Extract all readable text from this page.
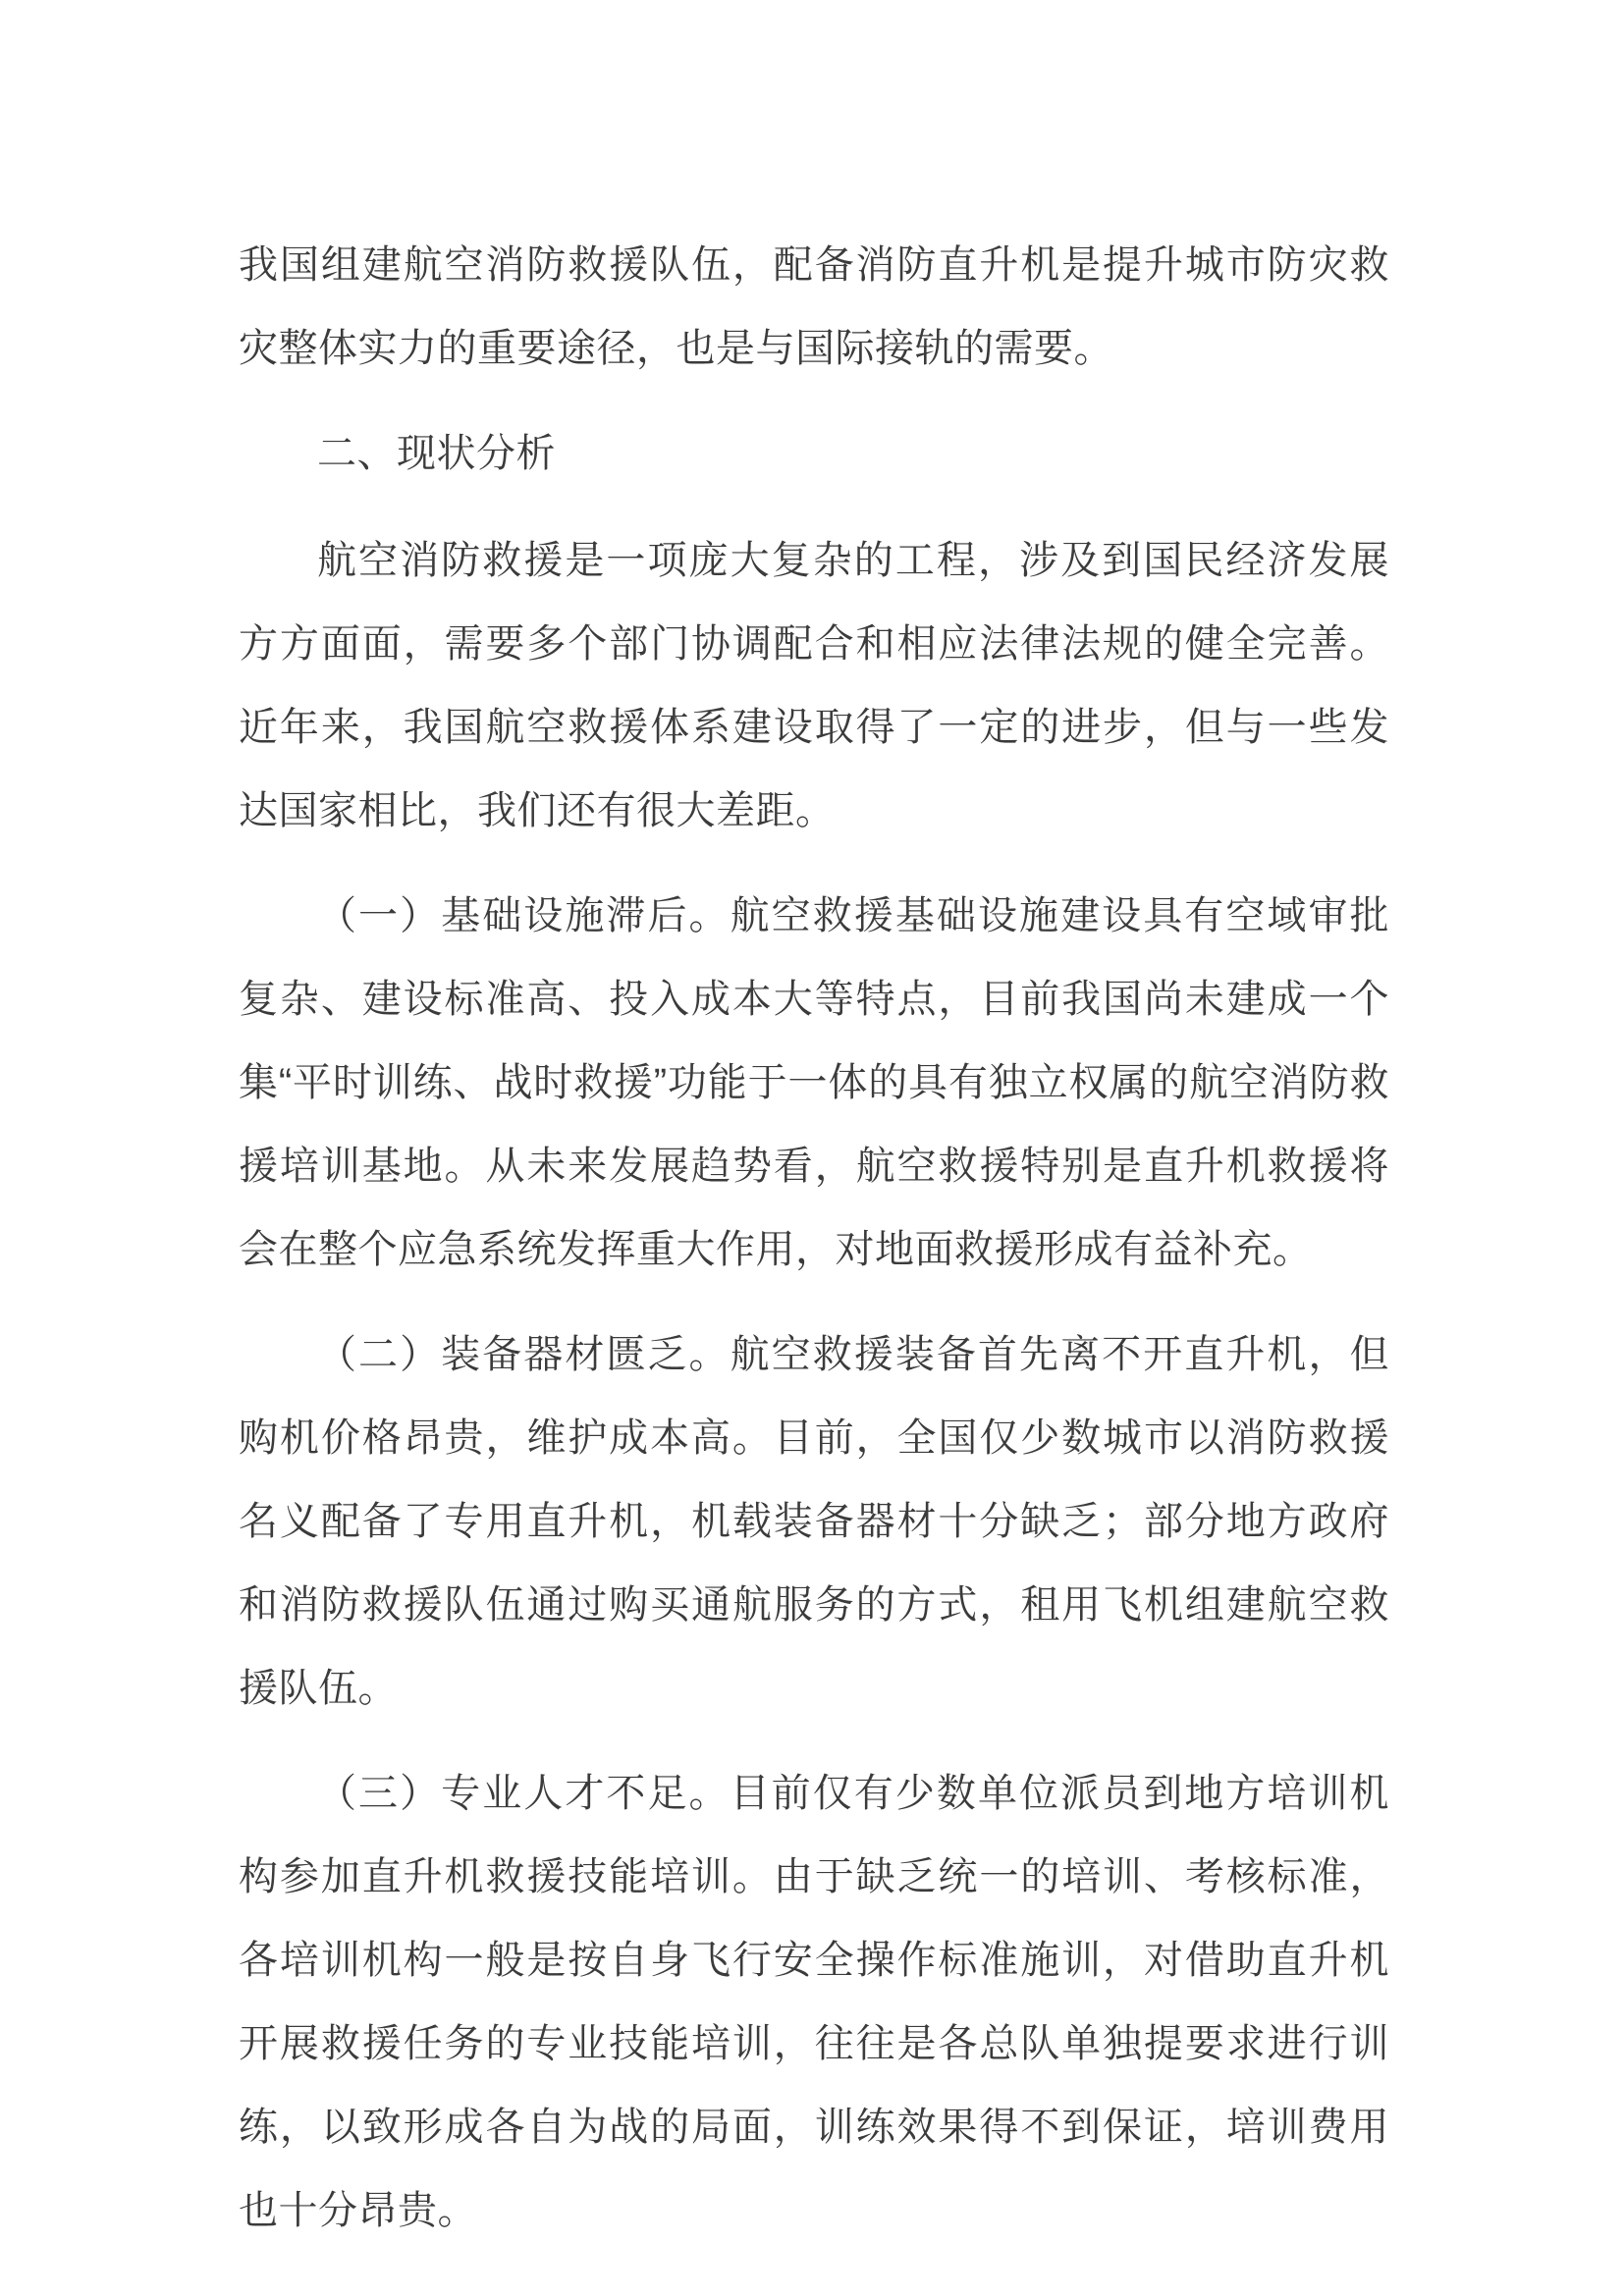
我国组建航空消防救援队伍，配备消防直升机是提升城市防灾救灾整体实力的重要途径，也是与国际接轨的需要。

二、现状分析

航空消防救援是一项庞大复杂的工程，涉及到国民经济发展方方面面，需要多个部门协调配合和相应法律法规的健全完善。近年来，我国航空救援体系建设取得了一定的进步，但与一些发达国家相比，我们还有很大差距。

（一）基础设施滞后。航空救援基础设施建设具有空域审批复杂、建设标准高、投入成本大等特点，目前我国尚未建成一个集“平时训练、战时救援”功能于一体的具有独立权属的航空消防救援培训基地。从未来发展趋势看，航空救援特别是直升机救援将会在整个应急系统发挥重大作用，对地面救援形成有益补充。

（二）装备器材匮乏。航空救援装备首先离不开直升机，但购机价格昂贵，维护成本高。目前，全国仅少数城市以消防救援名义配备了专用直升机，机载装备器材十分缺乏；部分地方政府和消防救援队伍通过购买通航服务的方式，租用飞机组建航空救援队伍。

（三）专业人才不足。目前仅有少数单位派员到地方培训机构参加直升机救援技能培训。由于缺乏统一的培训、考核标准，各培训机构一般是按自身飞行安全操作标准施训，对借助直升机开展救援任务的专业技能培训，往往是各总队单独提要求进行训练，以致形成各自为战的局面，训练效果得不到保证，培训费用也十分昂贵。
